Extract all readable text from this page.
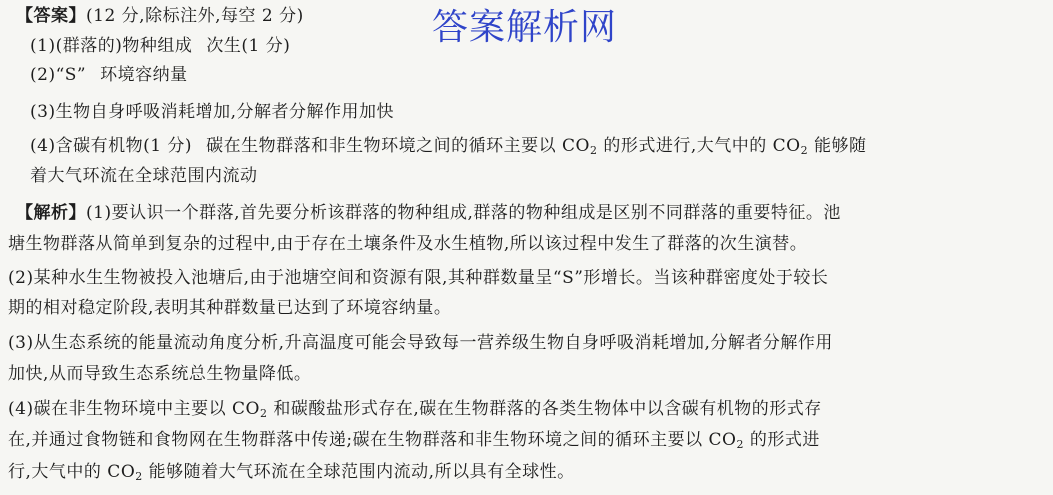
答案解析网
【答案】(12 分,除标注外,每空 2 分)
(1)(群落的)物种组成 次生(1 分)
(2)“S” 环境容纳量
(3)生物自身呼吸消耗增加,分解者分解作用加快
(4)含碳有机物(1 分) 碳在生物群落和非生物环境之间的循环主要以 CO2 的形式进行,大气中的 CO2 能够随
着大气环流在全球范围内流动
【解析】(1)要认识一个群落,首先要分析该群落的物种组成,群落的物种组成是区别不同群落的重要特征。池
塘生物群落从简单到复杂的过程中,由于存在土壤条件及水生植物,所以该过程中发生了群落的次生演替。
(2)某种水生生物被投入池塘后,由于池塘空间和资源有限,其种群数量呈“S”形增长。当该种群密度处于较长
期的相对稳定阶段,表明其种群数量已达到了环境容纳量。
(3)从生态系统的能量流动角度分析,升高温度可能会导致每一营养级生物自身呼吸消耗增加,分解者分解作用
加快,从而导致生态系统总生物量降低。
(4)碳在非生物环境中主要以 CO2 和碳酸盐形式存在,碳在生物群落的各类生物体中以含碳有机物的形式存
在,并通过食物链和食物网在生物群落中传递;碳在生物群落和非生物环境之间的循环主要以 CO2 的形式进
行,大气中的 CO2 能够随着大气环流在全球范围内流动,所以具有全球性。
